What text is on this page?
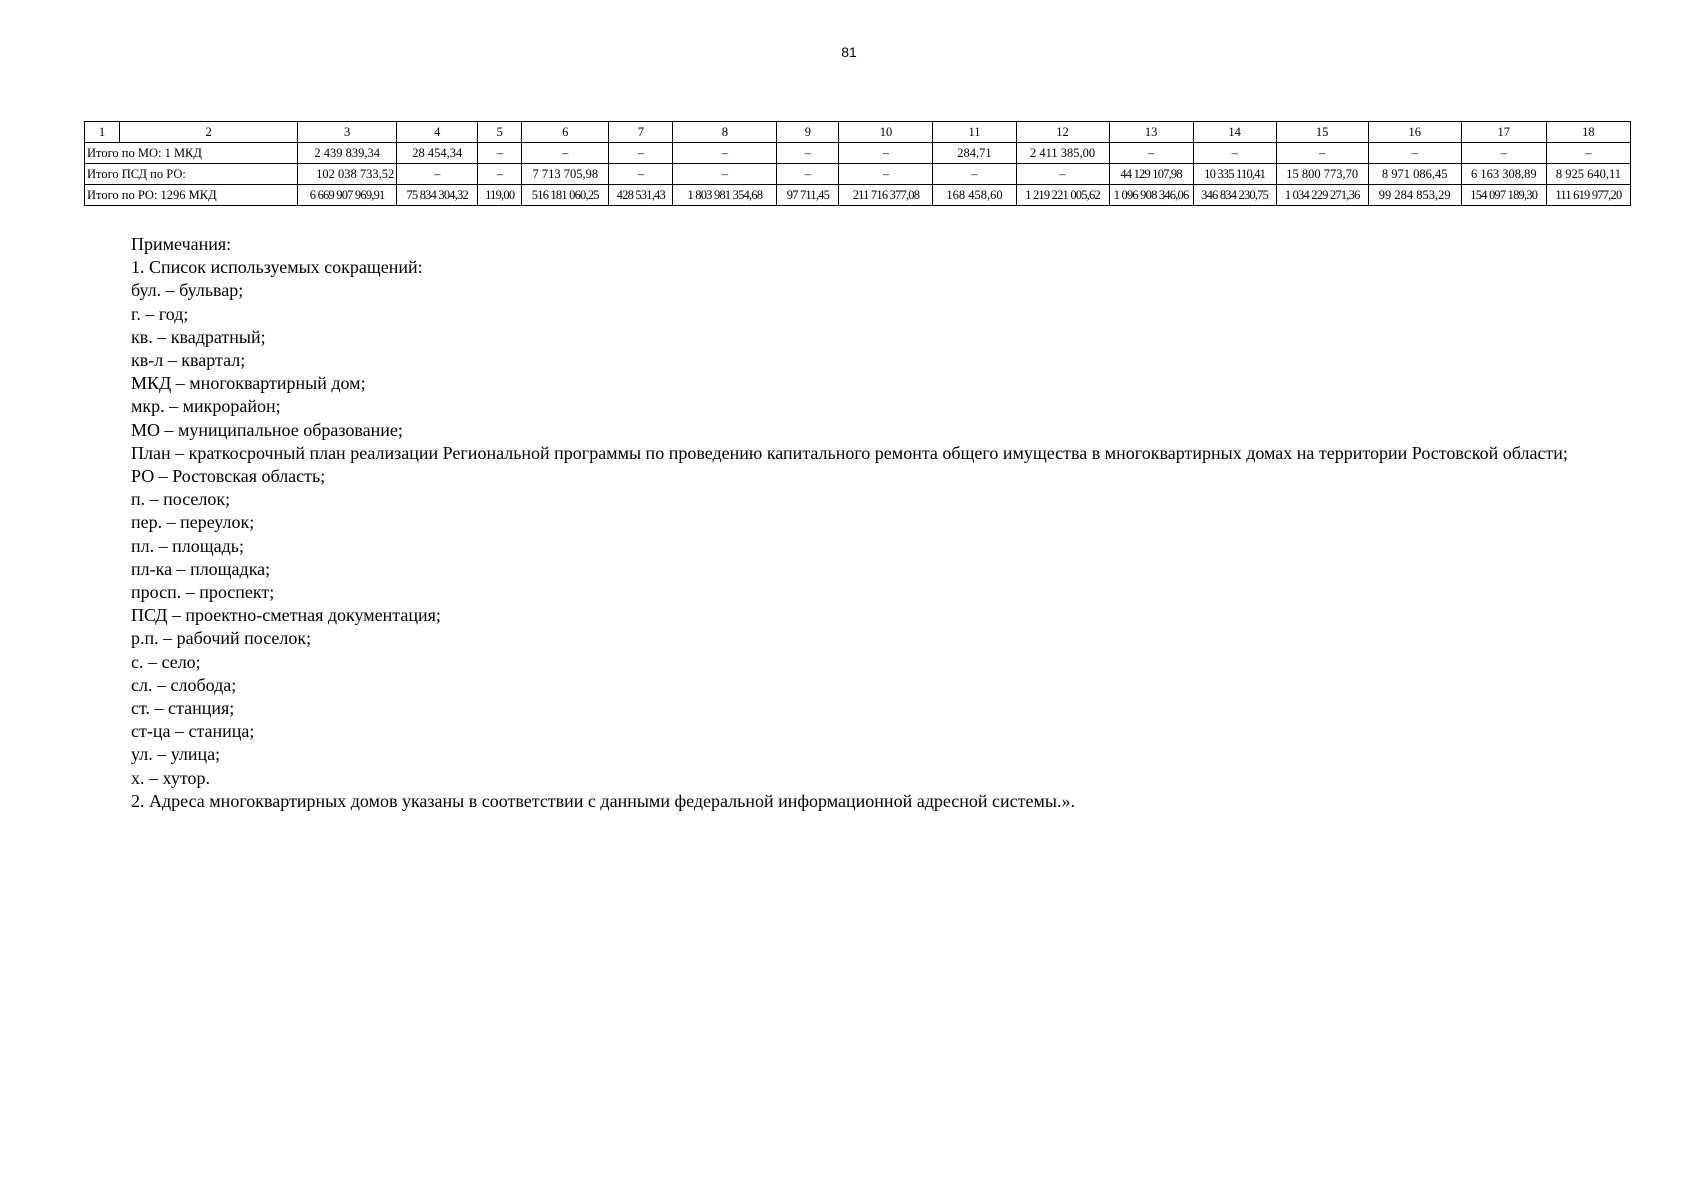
81
1	2	3	4	5	6	7	8	9	10	11	12	13	14	15	16	17	18
Итого по МО: 1 МКД		2 439 839,34	28 454,34	–	–	–	–	–	–	284,71	2 411 385,00	–	–	–	–	–	–
Итого ПСД по РО:		102 038 733,52	–	–	7 713 705,98	–	–	–	–	–	–	44 129 107,98	10 335 110,41	15 800 773,70	8 971 086,45	6 163 308,89	8 925 640,11
Итого по РО: 1296 МКД		6 669 907 969,91	75 834 304,32	119,00	516 181 060,25	428 531,43	1 803 981 354,68	97 711,45	211 716 377,08	168 458,60	1 219 221 005,62	1 096 908 346,06	346 834 230,75	1 034 229 271,36	99 284 853,29	154 097 189,30	111 619 977,20

Примечания:

1. Список используемых сокращений:

бул. – бульвар;

г. – год;

кв. – квадратный;

кв-л – квартал;

МКД – многоквартирный дом;

мкр. – микрорайон;

МО – муниципальное образование;

План – краткосрочный план реализации Региональной программы по проведению капитального ремонта общего имущества в многоквартирных домах на территории Ростовской области;

РО – Ростовская область;

п. – поселок;

пер. – переулок;

пл. – площадь;

пл-ка – площадка;

просп. – проспект;

ПСД – проектно-сметная документация;

р.п. – рабочий поселок;

с. – село;

сл. – слобода;

ст. – станция;

ст-ца – станица;

ул. – улица;

х. – хутор.

2. Адреса многоквартирных домов указаны в соответствии с данными федеральной информационной адресной системы.».
